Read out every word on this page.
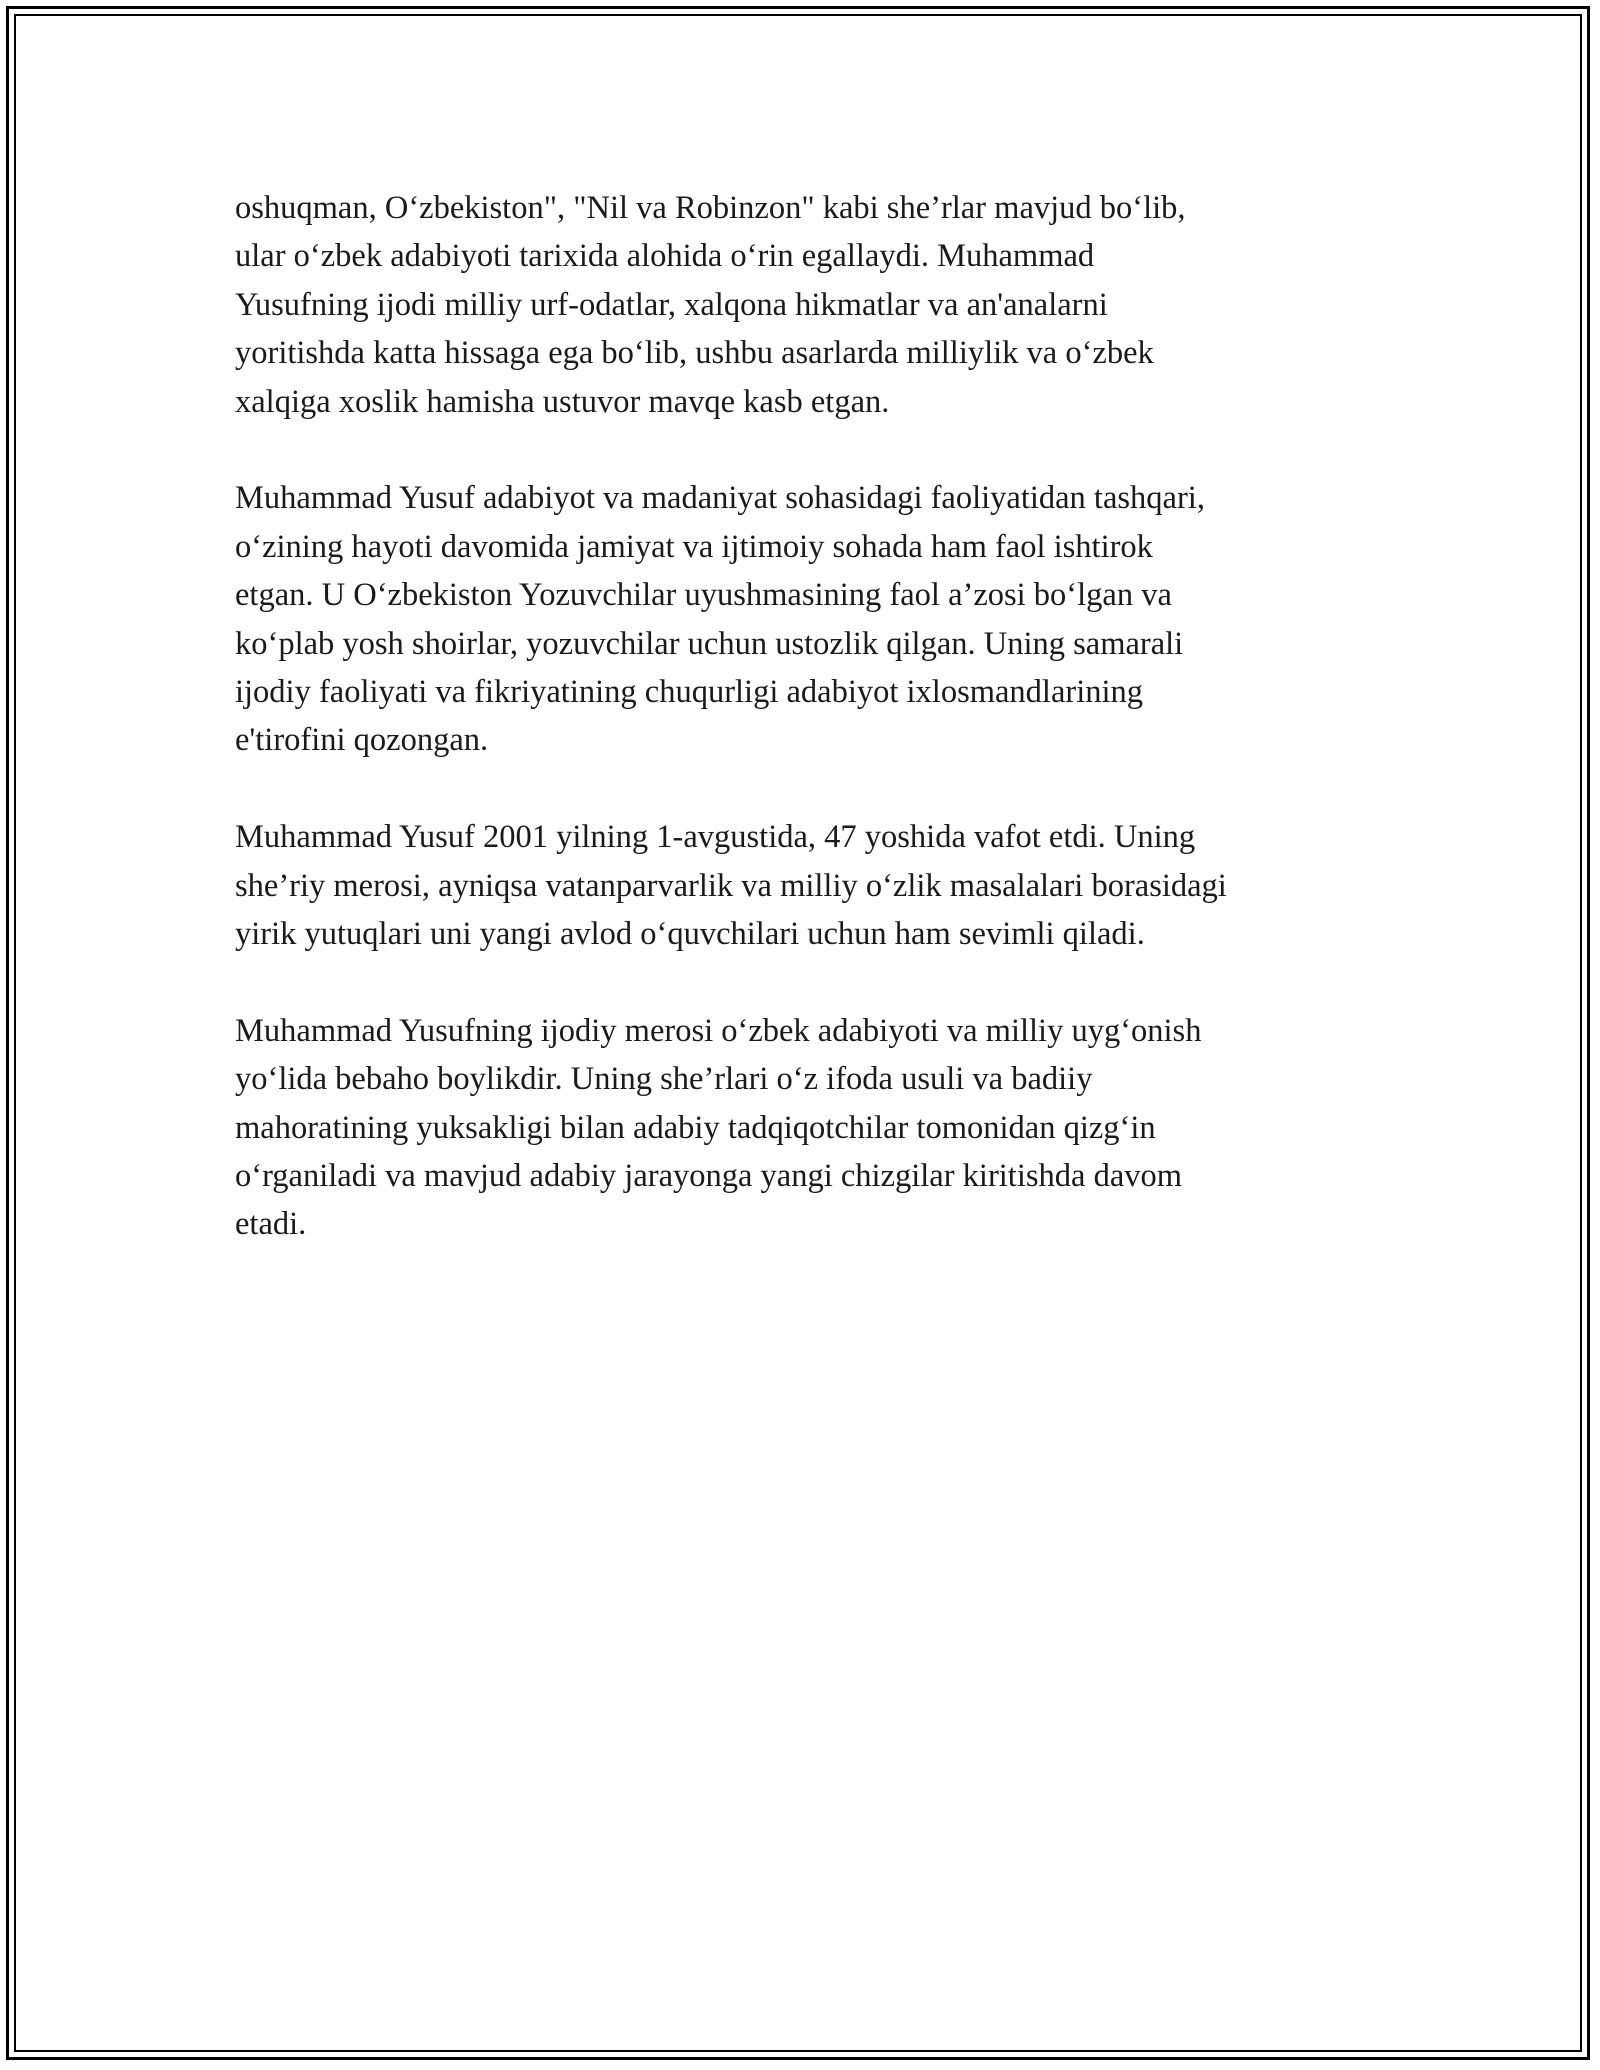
oshuqman, O‘zbekiston", "Nil va Robinzon" kabi she’rlar mavjud bo‘lib,
ular o‘zbek adabiyoti tarixida alohida o‘rin egallaydi. Muhammad
Yusufning ijodi milliy urf-odatlar, xalqona hikmatlar va an'analarni
yoritishda katta hissaga ega bo‘lib, ushbu asarlarda milliylik va o‘zbek
xalqiga xoslik hamisha ustuvor mavqe kasb etgan.

Muhammad Yusuf adabiyot va madaniyat sohasidagi faoliyatidan tashqari,
o‘zining hayoti davomida jamiyat va ijtimoiy sohada ham faol ishtirok
etgan. U O‘zbekiston Yozuvchilar uyushmasining faol a’zosi bo‘lgan va
ko‘plab yosh shoirlar, yozuvchilar uchun ustozlik qilgan. Uning samarali
ijodiy faoliyati va fikriyatining chuqurligi adabiyot ixlosmandlarining
e'tirofini qozongan.

Muhammad Yusuf 2001 yilning 1-avgustida, 47 yoshida vafot etdi. Uning
she’riy merosi, ayniqsa vatanparvarlik va milliy o‘zlik masalalari borasidagi
yirik yutuqlari uni yangi avlod o‘quvchilari uchun ham sevimli qiladi.

Muhammad Yusufning ijodiy merosi o‘zbek adabiyoti va milliy uyg‘onish
yo‘lida bebaho boylikdir. Uning she’rlari o‘z ifoda usuli va badiiy
mahoratining yuksakligi bilan adabiy tadqiqotchilar tomonidan qizg‘in
o‘rganiladi va mavjud adabiy jarayonga yangi chizgilar kiritishda davom
etadi.
